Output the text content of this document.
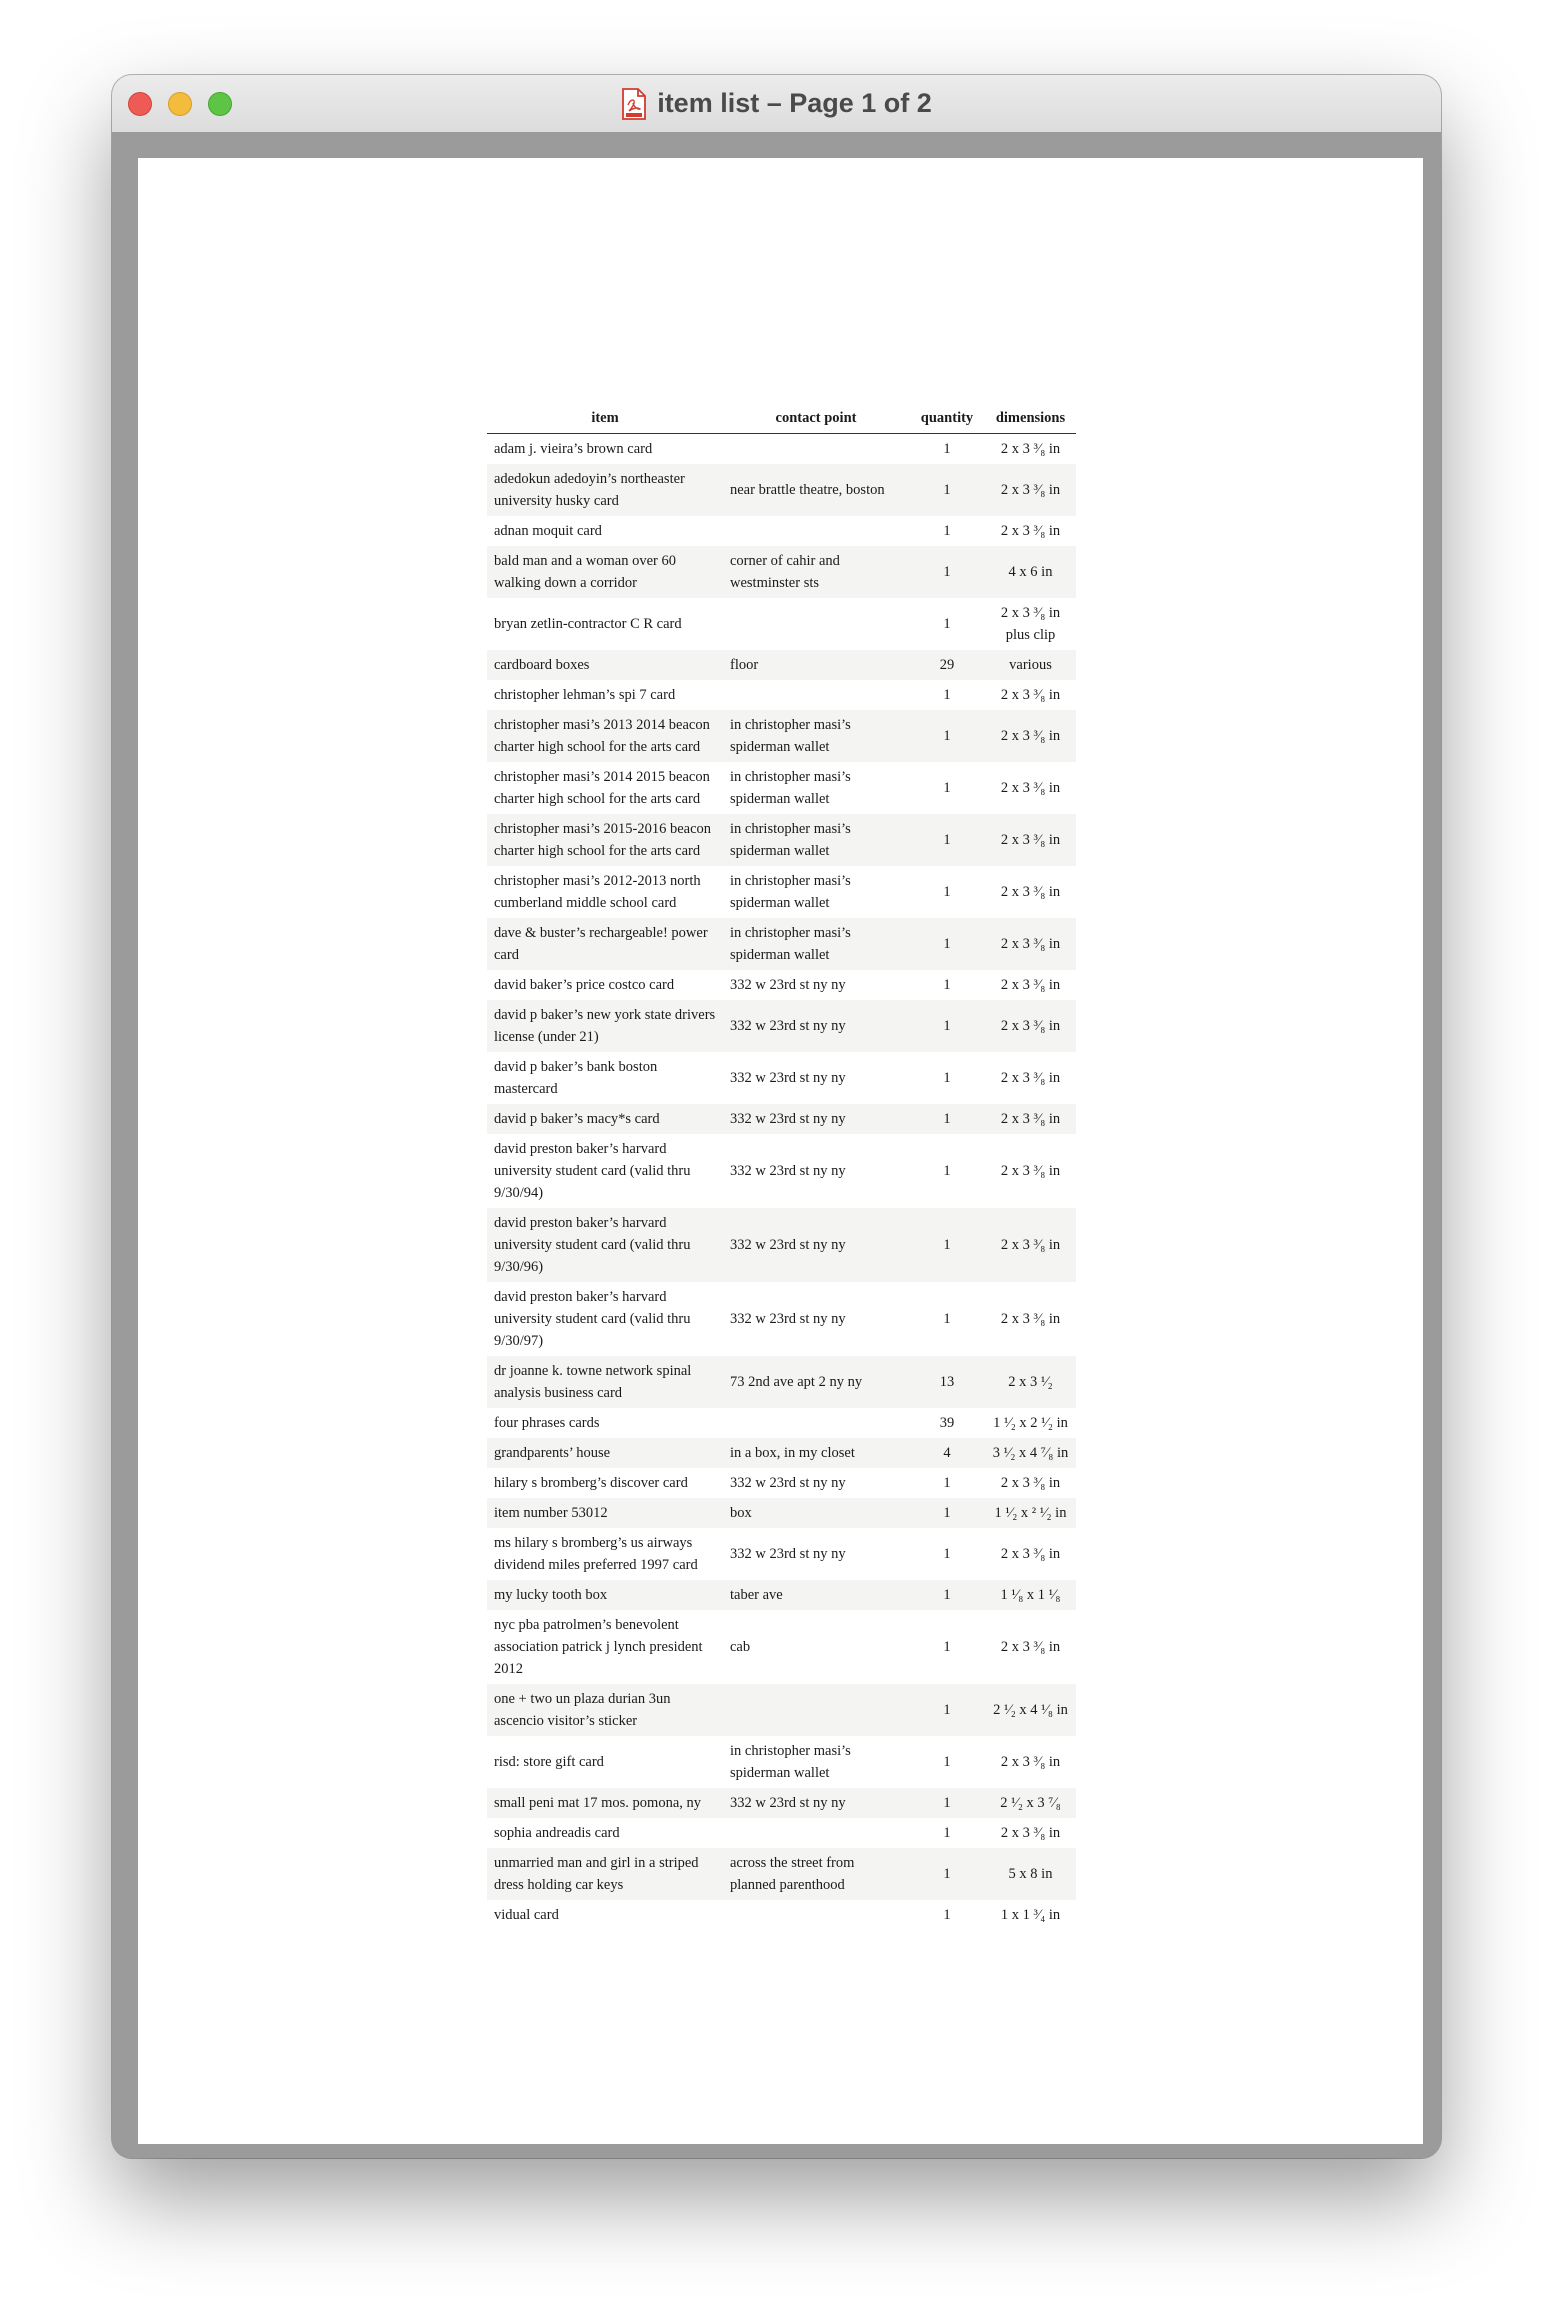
item list – Page 1 of 2
item	contact point	quantity	dimensions
adam j. vieira’s brown card		1	2 x 3 ³⁄₈ in

adedokun adedoyin’s northeaster university husky card	near brattle theatre, boston	1	2 x 3 ³⁄₈ in

adnan moquit card		1	2 x 3 ³⁄₈ in

bald man and a woman over 60 walking down a corridor	corner of cahir and westminster sts	1	4 x 6 in

bryan zetlin-contractor C R card		1	2 x 3 ³⁄₈ in
plus clip

cardboard boxes	floor	29	various

christopher lehman’s spi 7 card		1	2 x 3 ³⁄₈ in

christopher masi’s 2013 2014 beacon charter high school for the arts card	in christopher masi’s spiderman wallet	1	2 x 3 ³⁄₈ in

christopher masi’s 2014 2015 beacon charter high school for the arts card	in christopher masi’s spiderman wallet	1	2 x 3 ³⁄₈ in

christopher masi’s 2015-2016 beacon charter high school for the arts card	in christopher masi’s spiderman wallet	1	2 x 3 ³⁄₈ in

christopher masi’s 2012-2013 north cumberland middle school card	in christopher masi’s spiderman wallet	1	2 x 3 ³⁄₈ in

dave & buster’s rechargeable! power card	in christopher masi’s spiderman wallet	1	2 x 3 ³⁄₈ in

david baker’s price costco card	332 w 23rd st ny ny	1	2 x 3 ³⁄₈ in

david p baker’s new york state drivers license (under 21)	332 w 23rd st ny ny	1	2 x 3 ³⁄₈ in

david p baker’s bank boston mastercard	332 w 23rd st ny ny	1	2 x 3 ³⁄₈ in

david p baker’s macy*s card	332 w 23rd st ny ny	1	2 x 3 ³⁄₈ in

david preston baker’s harvard university student card (valid thru 9/30/94)	332 w 23rd st ny ny	1	2 x 3 ³⁄₈ in

david preston baker’s harvard university student card (valid thru 9/30/96)	332 w 23rd st ny ny	1	2 x 3 ³⁄₈ in

david preston baker’s harvard university student card (valid thru 9/30/97)	332 w 23rd st ny ny	1	2 x 3 ³⁄₈ in

dr joanne k. towne network spinal analysis business card	73 2nd ave apt 2 ny ny	13	2 x 3 ¹⁄₂

four phrases cards		39	1 ¹⁄₂ x 2 ¹⁄₂ in

grandparents’ house	in a box, in my closet	4	3 ¹⁄₂ x 4 ⁷⁄₈ in

hilary s bromberg’s discover card	332 w 23rd st ny ny	1	2 x 3 ³⁄₈ in

item number 53012	box	1	1 ¹⁄₂ x ² ¹⁄₂ in

ms hilary s bromberg’s us airways dividend miles preferred 1997 card	332 w 23rd st ny ny	1	2 x 3 ³⁄₈ in

my lucky tooth box	taber ave	1	1 ¹⁄₈ x 1 ¹⁄₈

nyc pba patrolmen’s benevolent association patrick j lynch president 2012	cab	1	2 x 3 ³⁄₈ in

one + two un plaza durian 3un ascencio visitor’s sticker		1	2 ¹⁄₂ x 4 ¹⁄₈ in

risd: store gift card	in christopher masi’s spiderman wallet	1	2 x 3 ³⁄₈ in

small peni mat 17 mos. pomona, ny	332 w 23rd st ny ny	1	2 ¹⁄₂ x 3 ⁷⁄₈

sophia andreadis card		1	2 x 3 ³⁄₈ in

unmarried man and girl in a striped dress holding car keys	across the street from planned parenthood	1	5 x 8 in

vidual card		1	1 x 1 ³⁄₄ in
